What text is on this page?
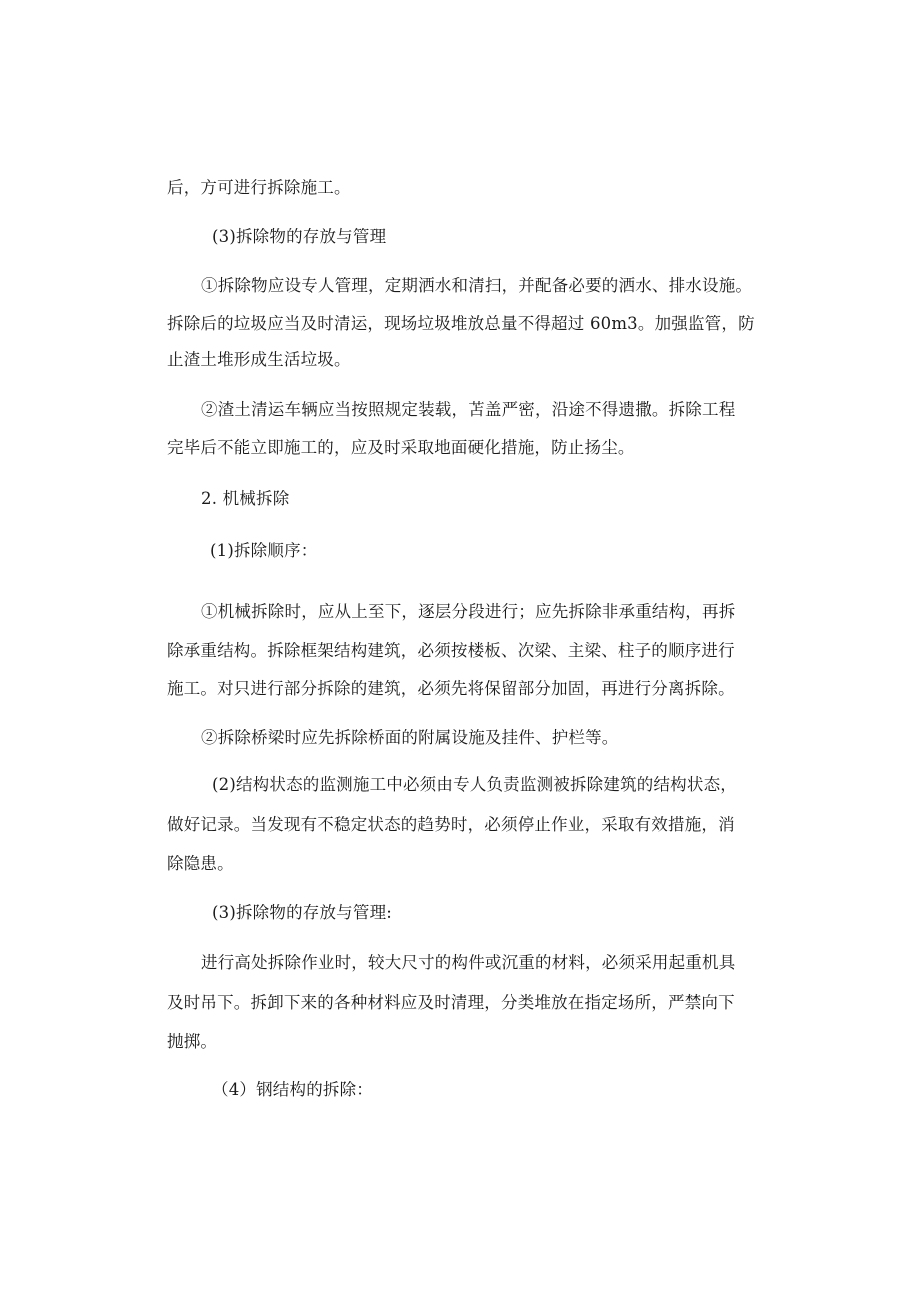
后，方可进行拆除施工。
(3)拆除物的存放与管理
①拆除物应设专人管理，定期洒水和清扫，并配备必要的洒水、排水设施。
拆除后的垃圾应当及时清运，现场垃圾堆放总量不得超过 60m3。加强监管，防
止渣土堆形成生活垃圾。
②渣土清运车辆应当按照规定装载，苫盖严密，沿途不得遗撒。拆除工程
完毕后不能立即施工的，应及时采取地面硬化措施，防止扬尘。
2. 机械拆除
(1)拆除顺序：
①机械拆除时，应从上至下，逐层分段进行；应先拆除非承重结构，再拆
除承重结构。拆除框架结构建筑，必须按楼板、次梁、主梁、柱子的顺序进行
施工。对只进行部分拆除的建筑，必须先将保留部分加固，再进行分离拆除。
②拆除桥梁时应先拆除桥面的附属设施及挂件、护栏等。
(2)结构状态的监测施工中必须由专人负责监测被拆除建筑的结构状态，
做好记录。当发现有不稳定状态的趋势时，必须停止作业，采取有效措施，消
除隐患。
(3)拆除物的存放与管理:
进行高处拆除作业时，较大尺寸的构件或沉重的材料，必须采用起重机具
及时吊下。拆卸下来的各种材料应及时清理，分类堆放在指定场所，严禁向下
抛掷。
（4）钢结构的拆除：
